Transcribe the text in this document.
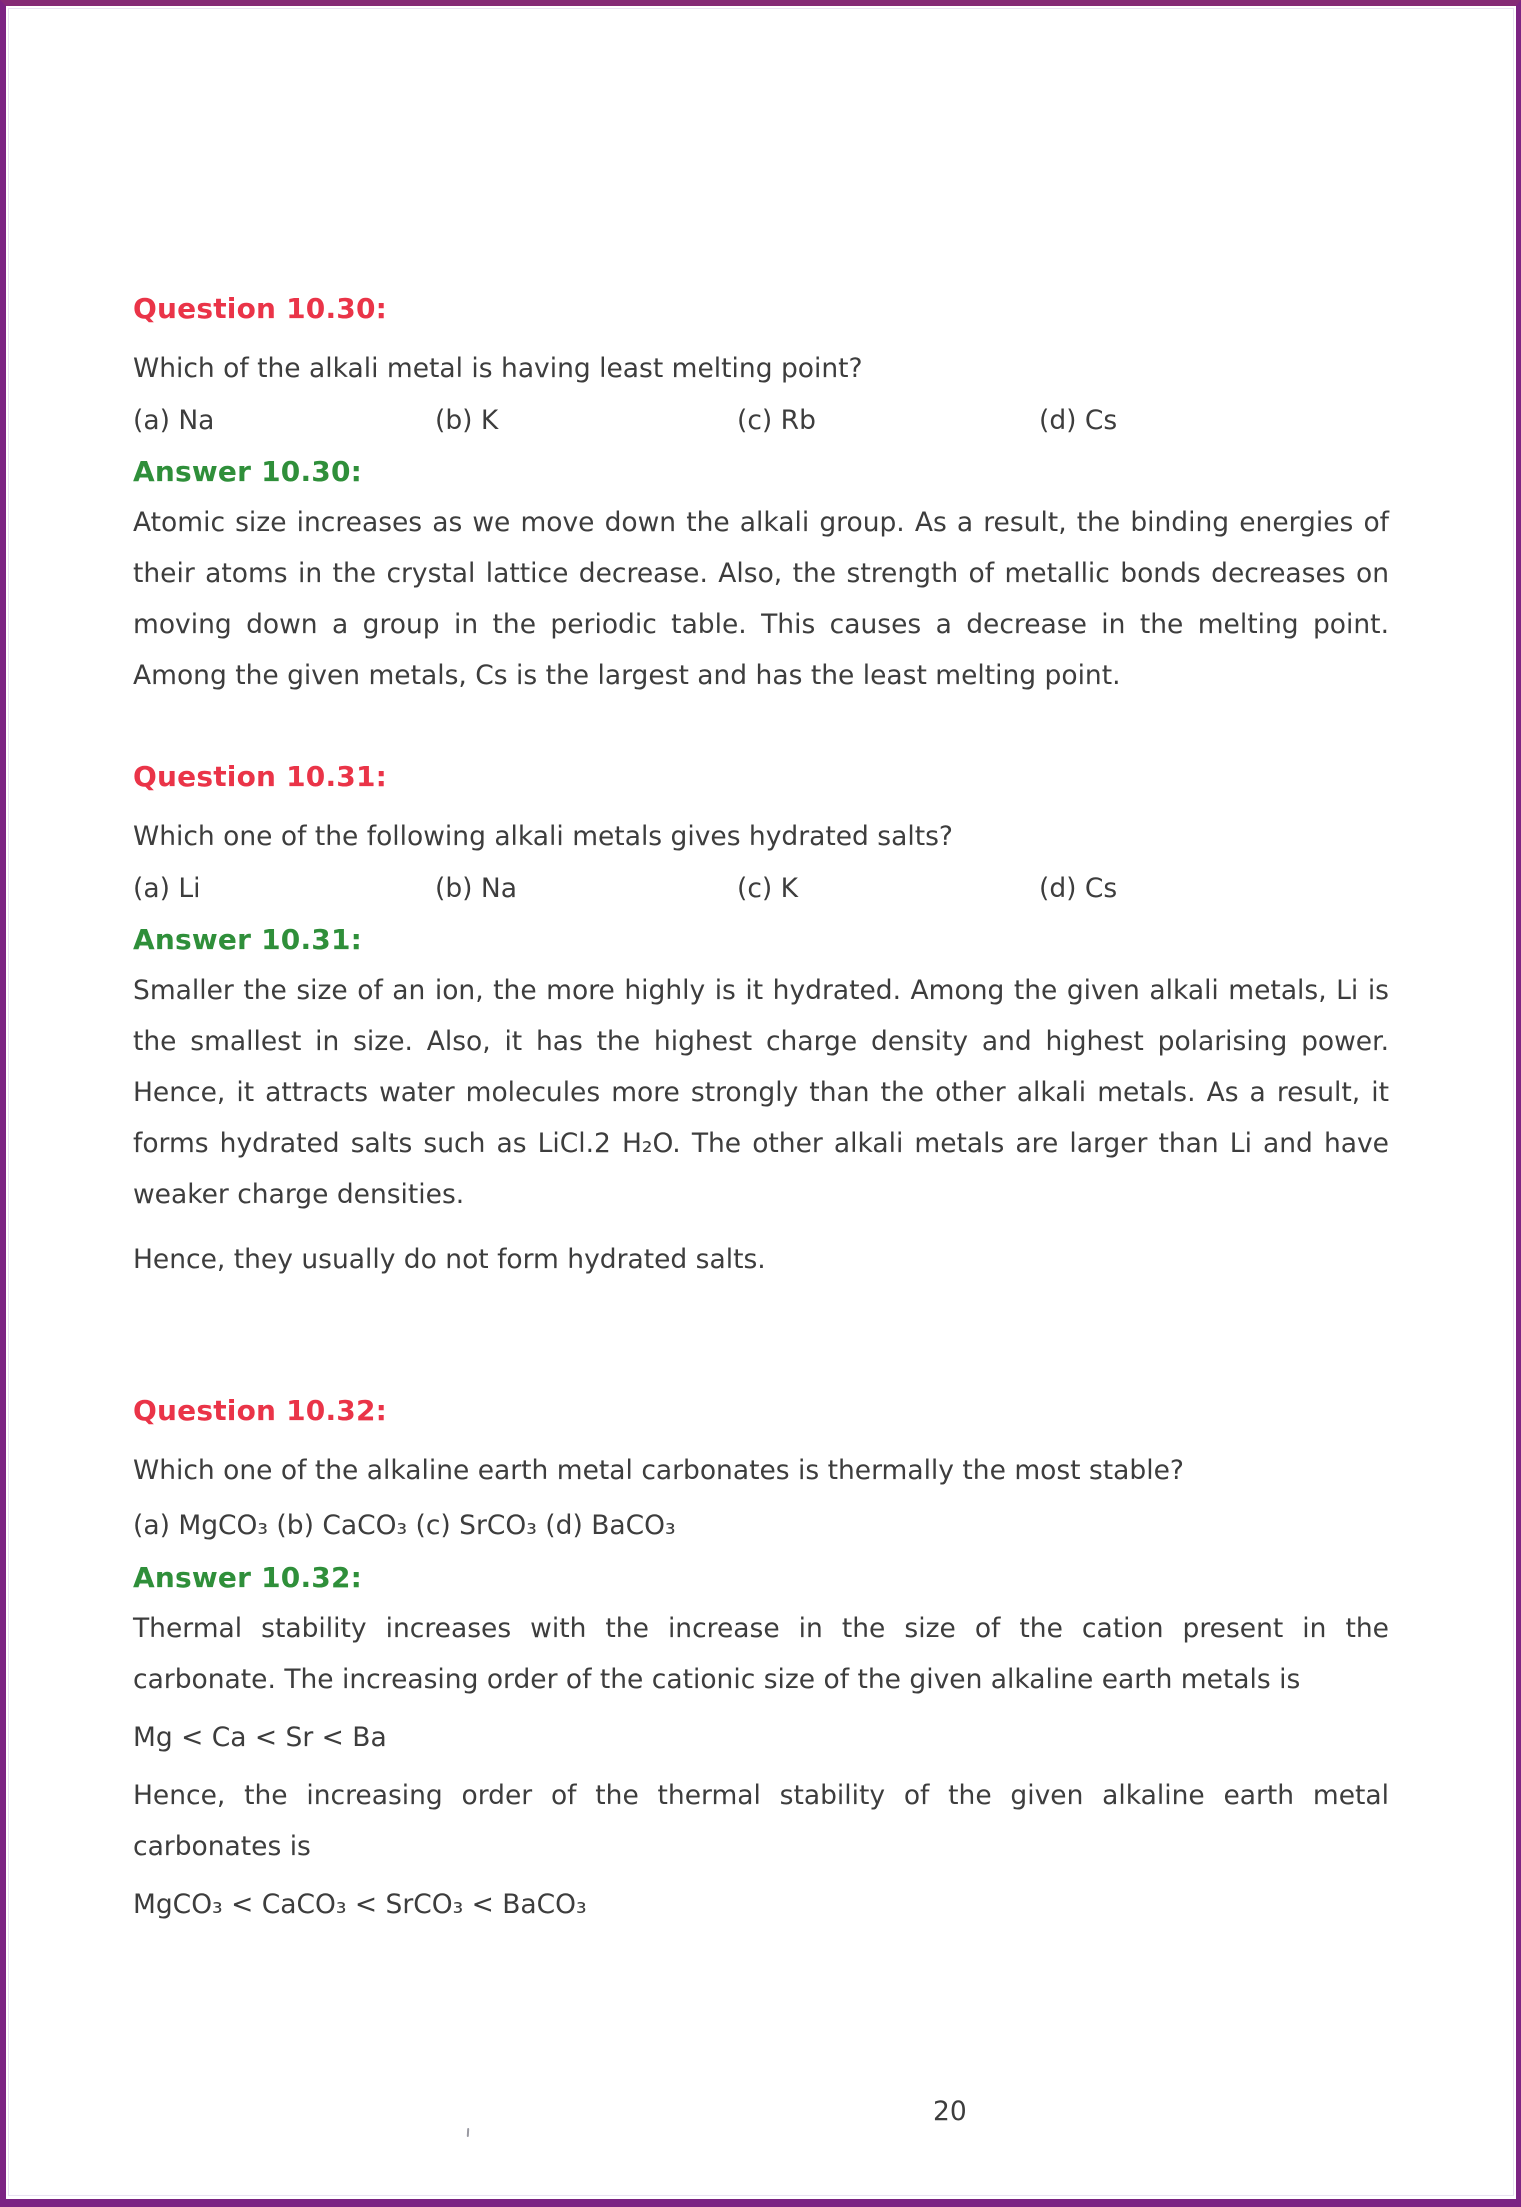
Question 10.30:

Which of the alkali metal is having least melting point?

(a) Na	(b) K	(c) Rb	(d) Cs
Answer 10.30:

Atomic size increases as we move down the alkali group. As a result, the binding energies of their atoms in the crystal lattice decrease. Also, the strength of metallic bonds decreases on moving down a group in the periodic table. This causes a decrease in the melting point. Among the given metals, Cs is the largest and has the least melting point.

Question 10.31:

Which one of the following alkali metals gives hydrated salts?

(a) Li	(b) Na	(c) K	(d) Cs
Answer 10.31:

Smaller the size of an ion, the more highly is it hydrated. Among the given alkali metals, Li is the smallest in size. Also, it has the highest charge density and highest polarising power. Hence, it attracts water molecules more strongly than the other alkali metals. As a result, it forms hydrated salts such as LiCl.2 H₂O. The other alkali metals are larger than Li and have weaker charge densities.

Hence, they usually do not form hydrated salts.

Question 10.32:

Which one of the alkaline earth metal carbonates is thermally the most stable?

(a) MgCO₃ (b) CaCO₃ (c) SrCO₃ (d) BaCO₃

Answer 10.32:

Thermal stability increases with the increase in the size of the cation present in the carbonate. The increasing order of the cationic size of the given alkaline earth metals is

Mg < Ca < Sr < Ba

Hence, the increasing order of the thermal stability of the given alkaline earth metal carbonates is

MgCO₃ < CaCO₃ < SrCO₃ < BaCO₃

20
